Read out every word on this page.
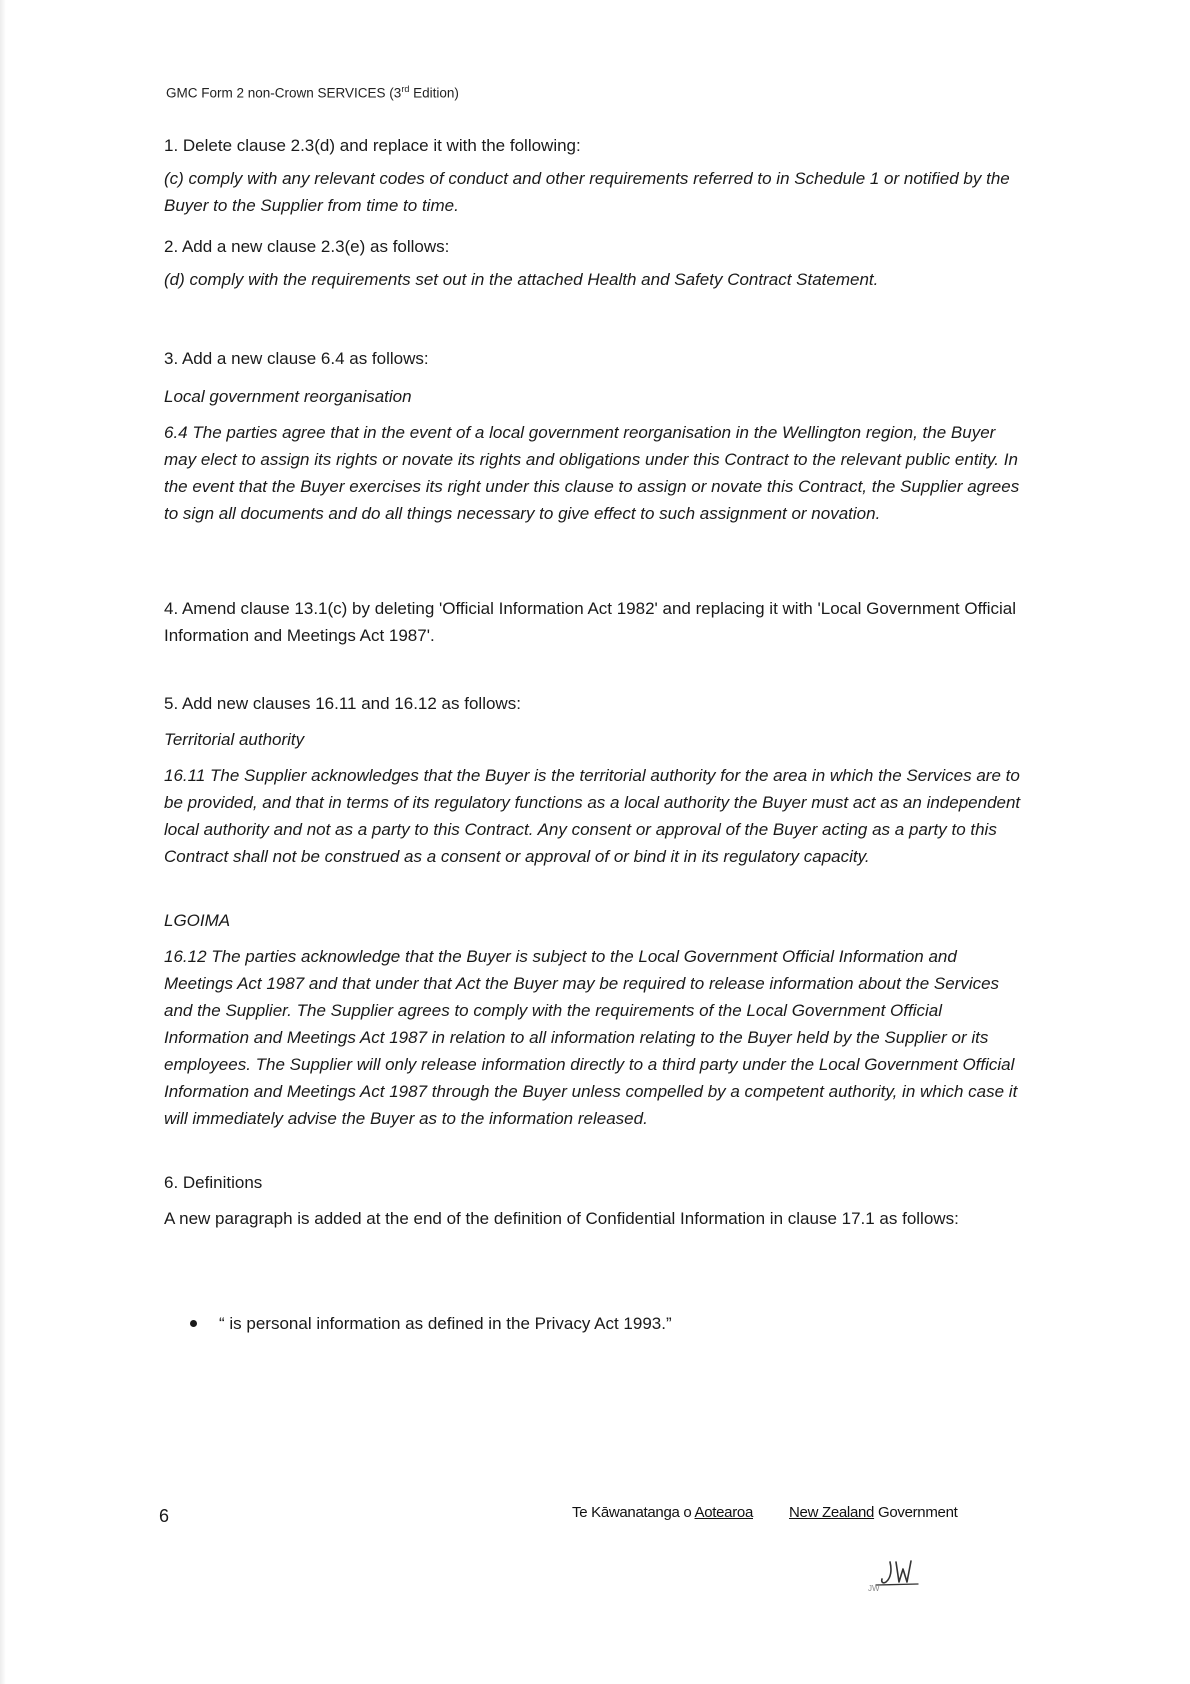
GMC Form 2 non-Crown SERVICES (3rd Edition)

1. Delete clause 2.3(d) and replace it with the following:

(c) comply with any relevant codes of conduct and other requirements referred to in Schedule 1 or notified by the Buyer to the Supplier from time to time.

2. Add a new clause 2.3(e) as follows:

(d) comply with the requirements set out in the attached Health and Safety Contract Statement.

3. Add a new clause 6.4 as follows:

Local government reorganisation

6.4 The parties agree that in the event of a local government reorganisation in the Wellington region, the Buyer may elect to assign its rights or novate its rights and obligations under this Contract to the relevant public entity. In the event that the Buyer exercises its right under this clause to assign or novate this Contract, the Supplier agrees to sign all documents and do all things necessary to give effect to such assignment or novation.

4. Amend clause 13.1(c) by deleting 'Official Information Act 1982' and replacing it with 'Local Government Official Information and Meetings Act 1987'.

5. Add new clauses 16.11 and 16.12 as follows:

Territorial authority

16.11 The Supplier acknowledges that the Buyer is the territorial authority for the area in which the Services are to be provided, and that in terms of its regulatory functions as a local authority the Buyer must act as an independent local authority and not as a party to this Contract. Any consent or approval of the Buyer acting as a party to this Contract shall not be construed as a consent or approval of or bind it in its regulatory capacity.

LGOIMA

16.12 The parties acknowledge that the Buyer is subject to the Local Government Official Information and Meetings Act 1987 and that under that Act the Buyer may be required to release information about the Services and the Supplier. The Supplier agrees to comply with the requirements of the Local Government Official Information and Meetings Act 1987 in relation to all information relating to the Buyer held by the Supplier or its employees. The Supplier will only release information directly to a third party under the Local Government Official Information and Meetings Act 1987 through the Buyer unless compelled by a competent authority, in which case it will immediately advise the Buyer as to the information released.

6. Definitions

A new paragraph is added at the end of the definition of Confidential Information in clause 17.1 as follows:

“ is personal information as defined in the Privacy Act 1993.”
6	Te Kāwanatanga o Aotearoa New Zealand Government
JW
